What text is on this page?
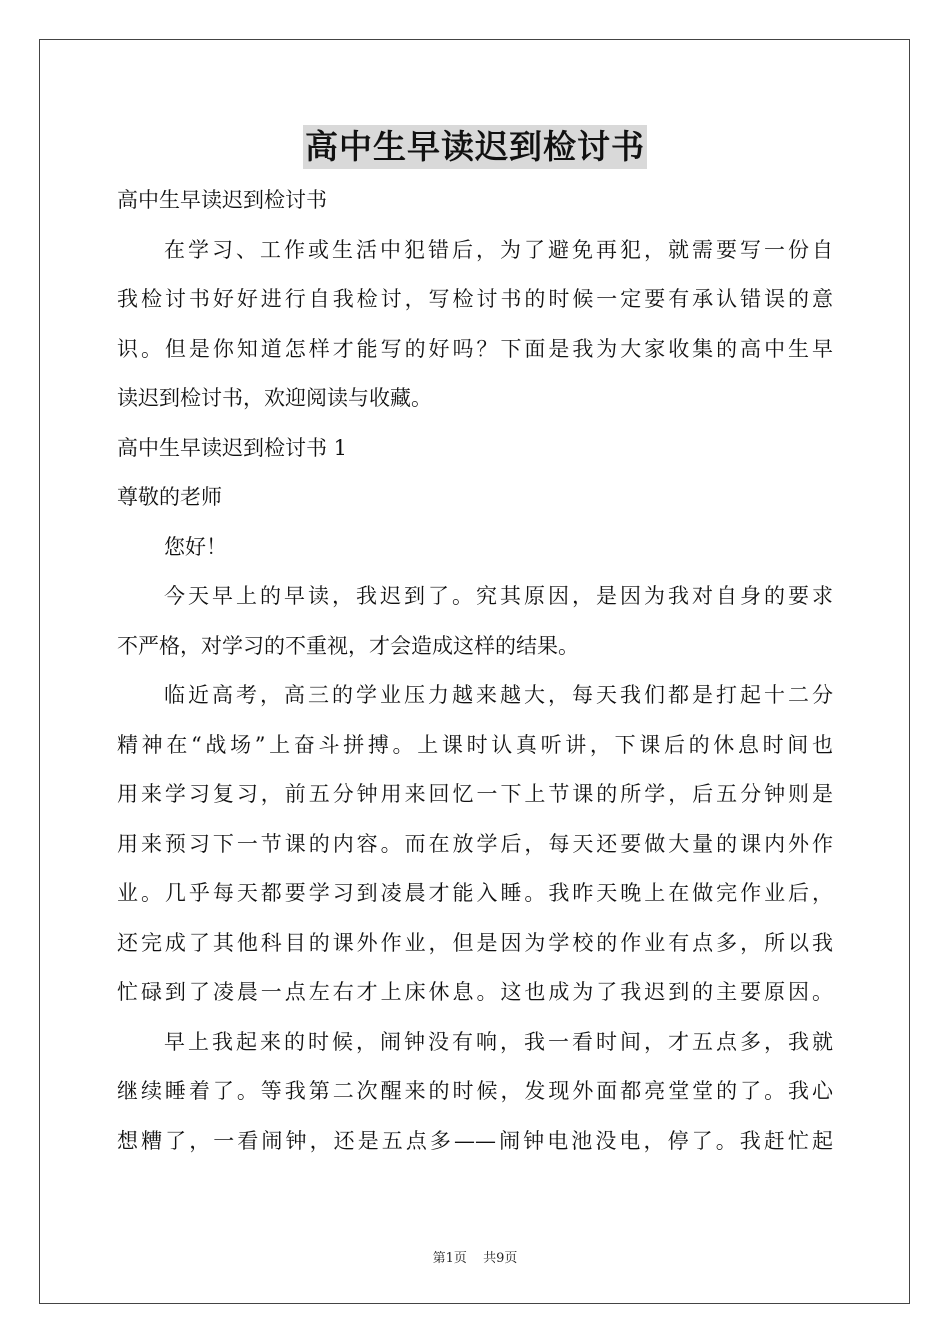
高中生早读迟到检讨书
高中生早读迟到检讨书
在学习、工作或生活中犯错后，为了避免再犯，就需要写一份自
我检讨书好好进行自我检讨，写检讨书的时候一定要有承认错误的意
识。但是你知道怎样才能写的好吗？下面是我为大家收集的高中生早
读迟到检讨书，欢迎阅读与收藏。
高中生早读迟到检讨书 1
尊敬的老师
您好！
今天早上的早读，我迟到了。究其原因，是因为我对自身的要求
不严格，对学习的不重视，才会造成这样的结果。
临近高考，高三的学业压力越来越大，每天我们都是打起十二分
精神在“战场”上奋斗拼搏。上课时认真听讲，下课后的休息时间也
用来学习复习，前五分钟用来回忆一下上节课的所学，后五分钟则是
用来预习下一节课的内容。而在放学后，每天还要做大量的课内外作
业。几乎每天都要学习到凌晨才能入睡。我昨天晚上在做完作业后，
还完成了其他科目的课外作业，但是因为学校的作业有点多，所以我
忙碌到了凌晨一点左右才上床休息。这也成为了我迟到的主要原因。
早上我起来的时候，闹钟没有响，我一看时间，才五点多，我就
继续睡着了。等我第二次醒来的时候，发现外面都亮堂堂的了。我心
想糟了，一看闹钟，还是五点多——闹钟电池没电，停了。我赶忙起
第1页 共9页
